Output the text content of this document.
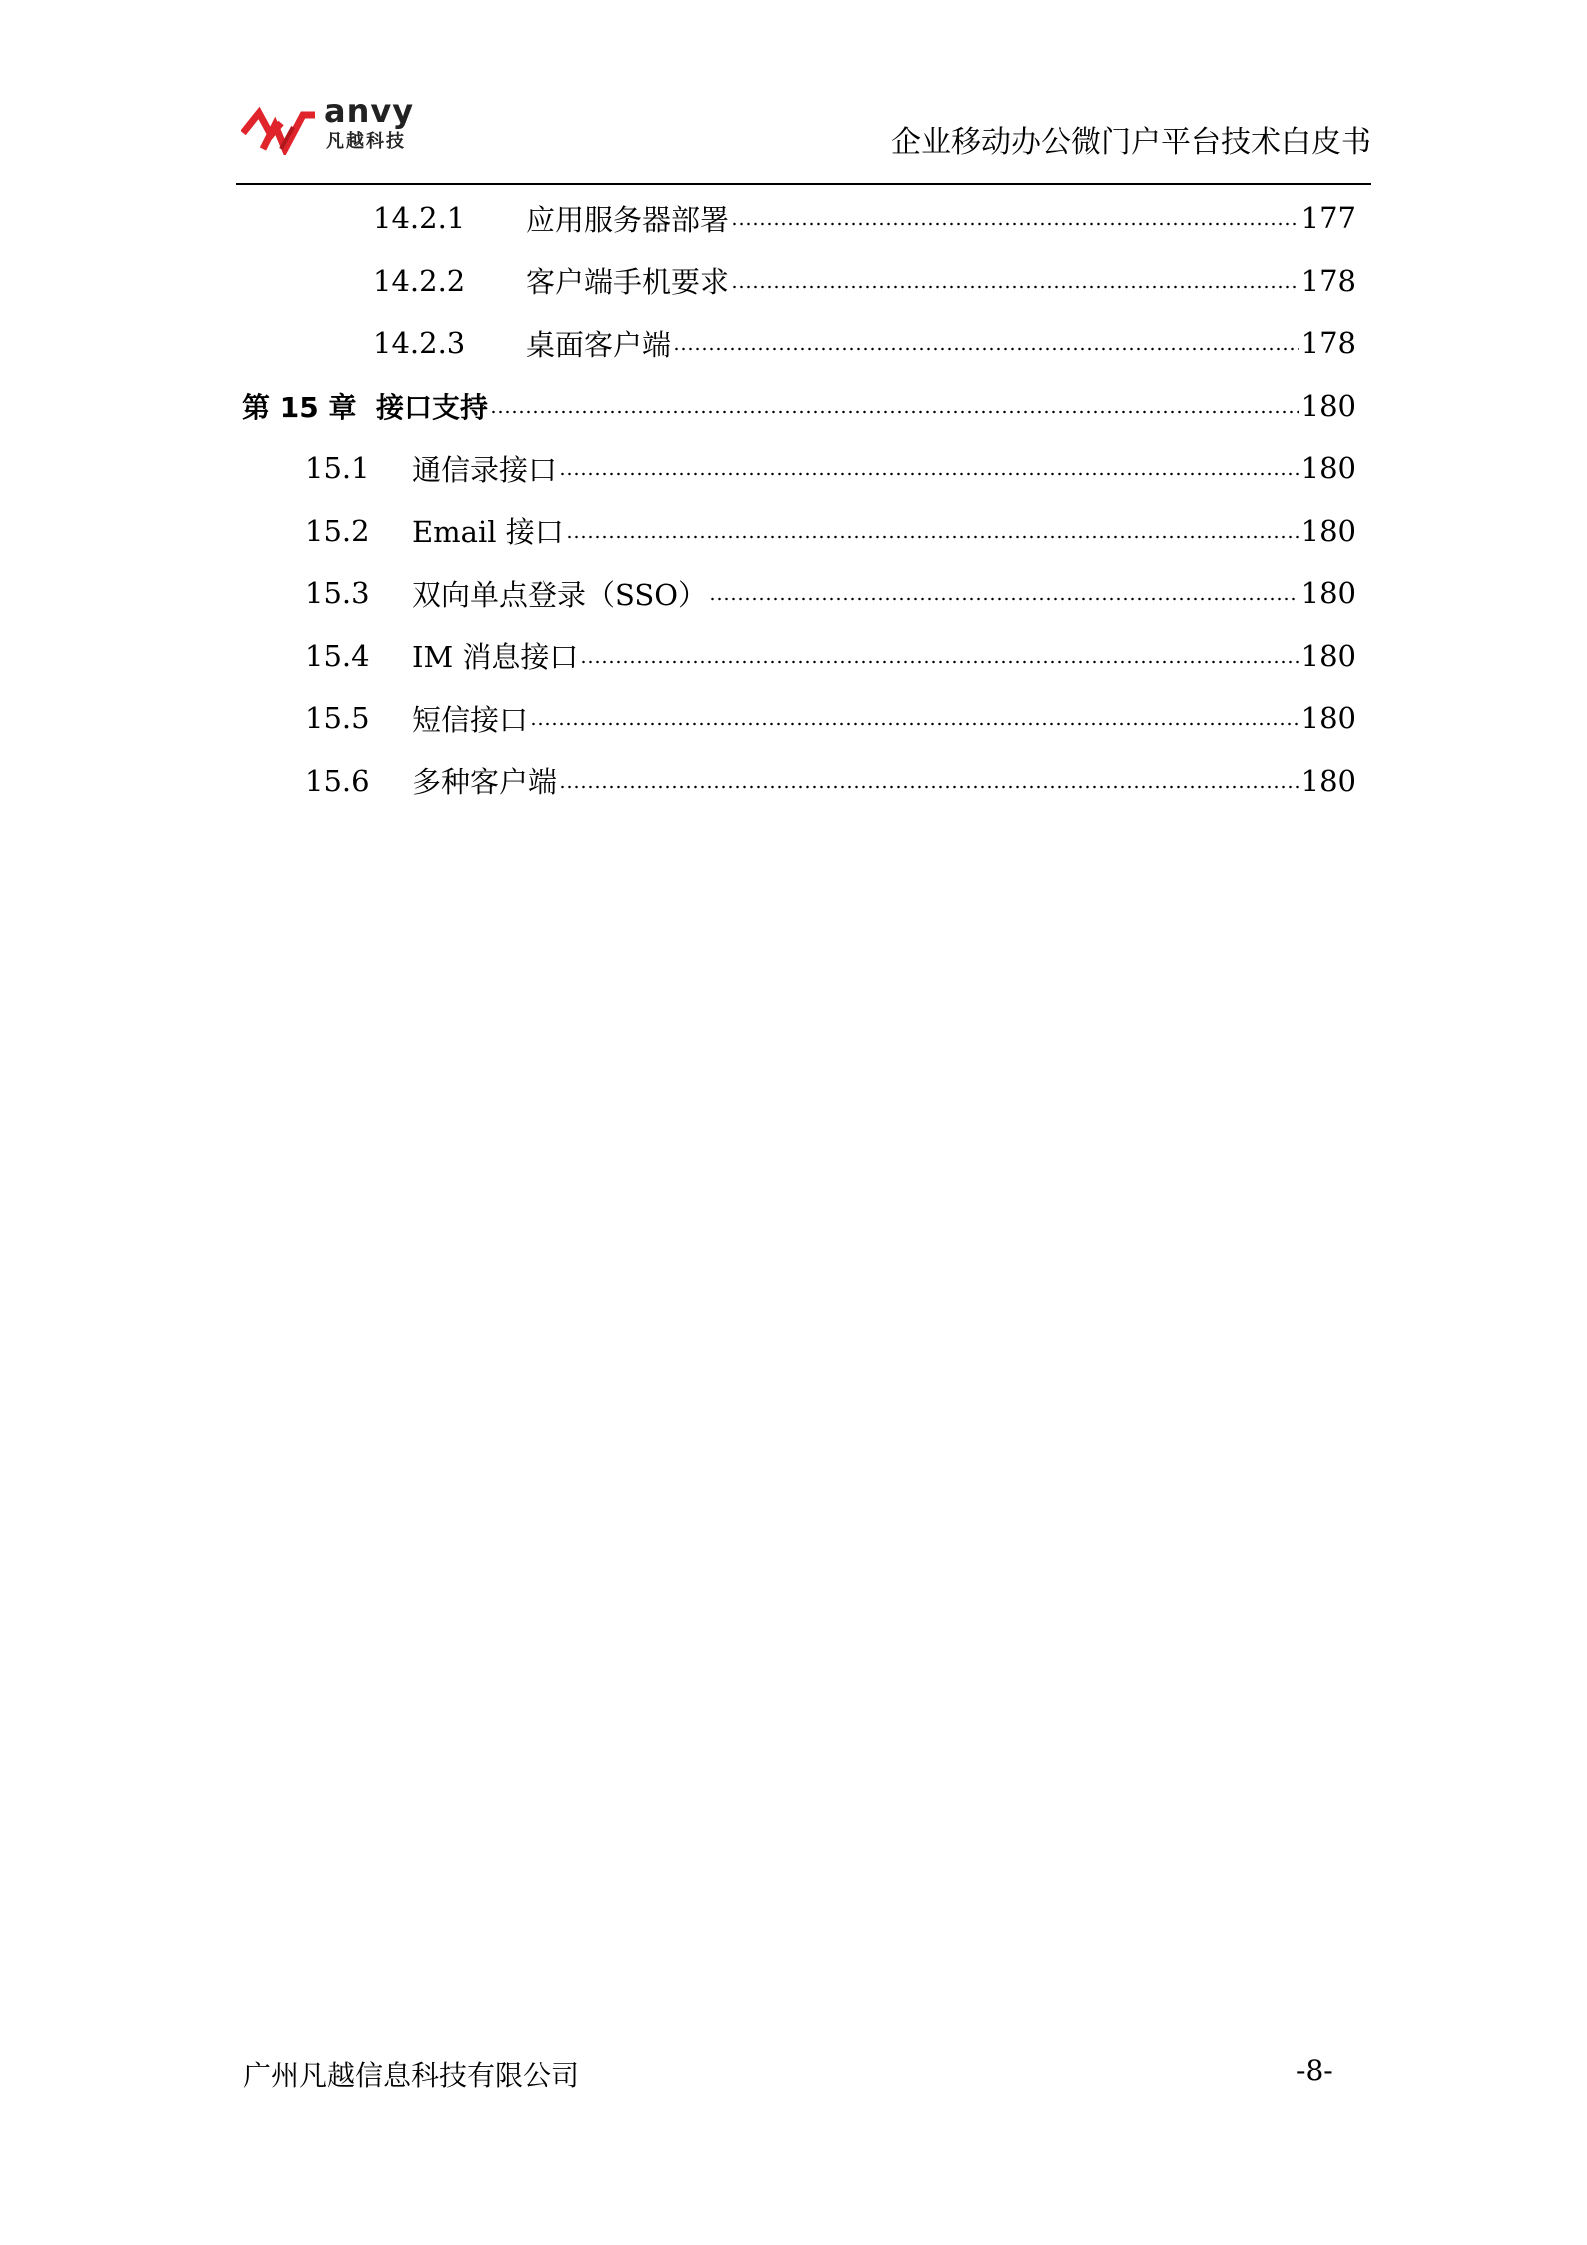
anvy
凡越科技	企业移动办公微门户平台技术白皮书
14.2.1	应用服务器部署	177
14.2.2	客户端手机要求	178
14.2.3	桌面客户端	178
第 15 章 接口支持	180
15.1	通信录接口	180
15.2	Email 接口	180
15.3	双向单点登录（SSO）	180
15.4	IM 消息接口	180
15.5	短信接口	180
15.6	多种客户端	180
广州凡越信息科技有限公司	-8-
